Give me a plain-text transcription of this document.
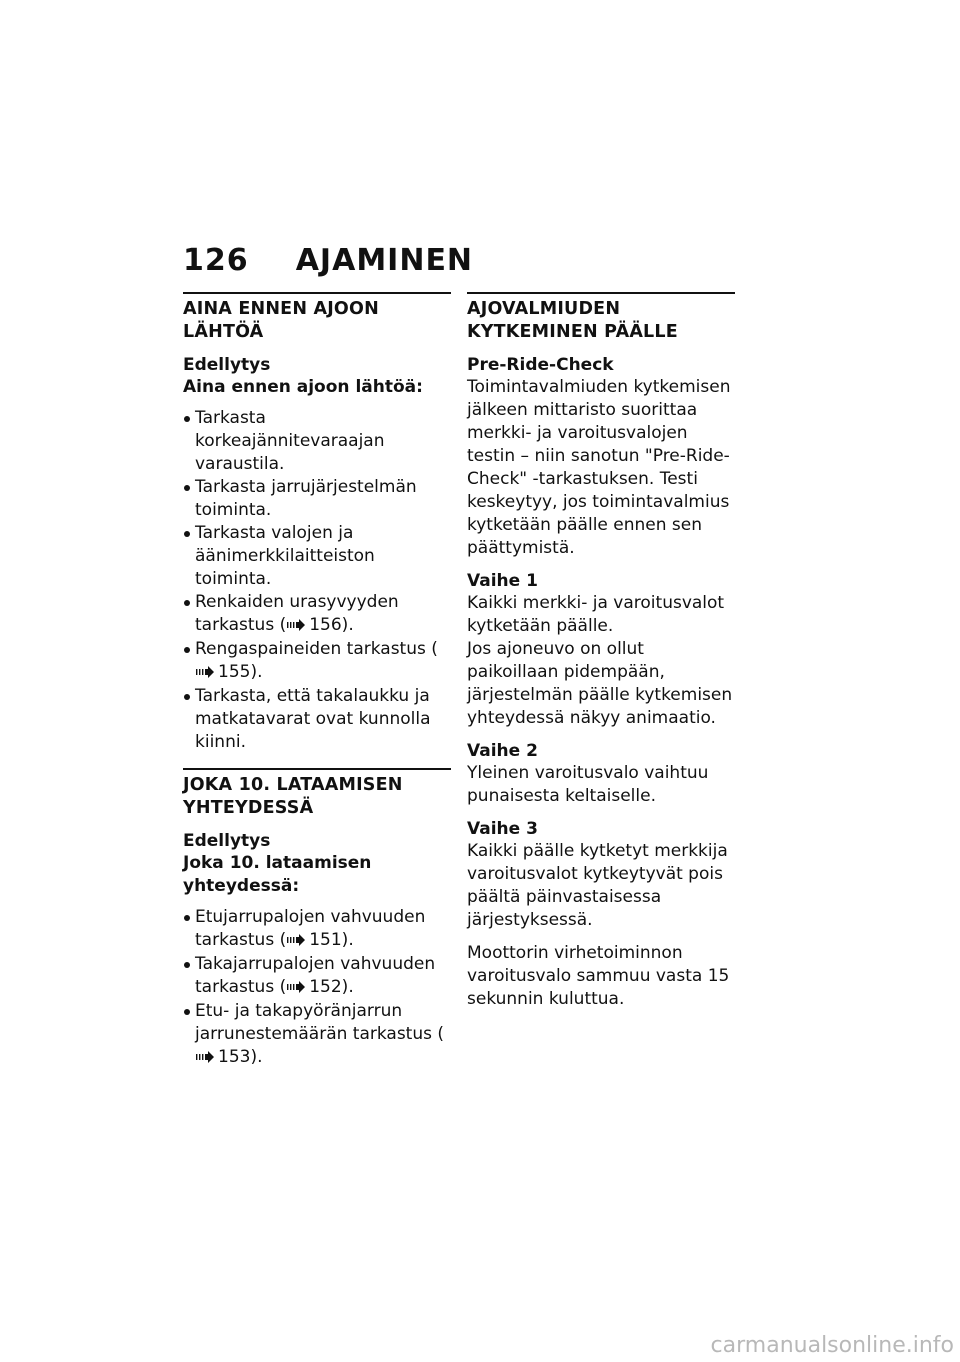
126 AJAMINEN
AINA ENNEN AJOON LÄHTÖÄ
Edellytys
Aina ennen ajoon lähtöä:
Tarkasta korkeajännitevaraajan varaustila.
Tarkasta jarrujärjestelmän toiminta.
Tarkasta valojen ja äänimerkkilaitteiston toiminta.
Renkaiden urasyvyyden tarkastus ( 156).
Rengaspaineiden tarkastus (155).
Tarkasta, että takalaukku ja matkatavarat ovat kunnolla kiinni.
JOKA 10. LATAAMISEN YHTEYDESSÄ
Edellytys
Joka 10. lataamisen yhteydessä:
Etujarrupalojen vahvuuden tarkastus ( 151).
Takajarrupalojen vahvuuden tarkastus ( 152).
Etu- ja takapyöränjarrun jarrunestemäärän tarkastus (153).
AJOVALMIUDEN KYTKEMINEN PÄÄLLE
Pre-Ride-Check
Toimintavalmiuden kytkemisen jälkeen mittaristo suorittaa merkki- ja varoitusvalojen testin – niin sanotun "Pre-Ride-Check" -tarkastuksen. Testi keskeytyy, jos toimintavalmius kytketään päälle ennen sen päättymistä.
Vaihe 1
Kaikki merkki- ja varoitusvalot kytketään päälle.
Jos ajoneuvo on ollut paikoillaan pidempään, järjestelmän päälle kytkemisen yhteydessä näkyy animaatio.
Vaihe 2
Yleinen varoitusvalo vaihtuu punaisesta keltaiselle.
Vaihe 3
Kaikki päälle kytketyt merkkija varoitusvalot kytkeytyvät pois päältä päinvastaisessa järjestyksessä.
Moottorin virhetoiminnon varoitusvalo sammuu vasta 15 sekunnin kuluttua.
carmanualsonline.info
